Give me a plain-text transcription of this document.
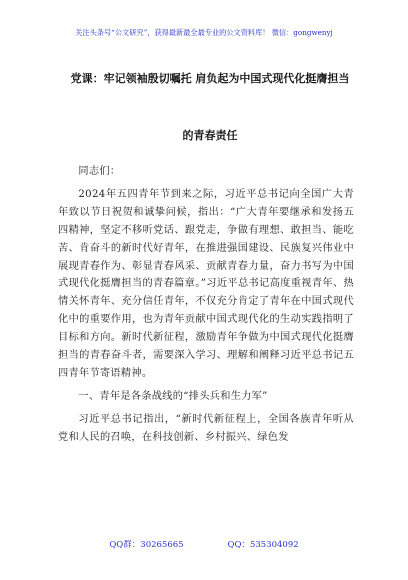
关注头条号“公文研究”，获得最新最全最专业的公文资料库！ 微信：gongwenyj
党课：牢记领袖殷切嘱托 肩负起为中国式现代化挺膺担当
的青春责任

同志们：

2024年五四青年节到来之际，习近平总书记向全国广大青年致以节日祝贺和诚挚问候，指出：“广大青年要继承和发扬五四精神，坚定不移听党话、跟党走，争做有理想、敢担当、能吃苦、肯奋斗的新时代好青年，在推进强国建设、民族复兴伟业中展现青春作为、彰显青春风采、贡献青春力量，奋力书写为中国式现代化挺膺担当的青春篇章。”习近平总书记高度重视青年、热情关怀青年、充分信任青年，不仅充分肯定了青年在中国式现代化中的重要作用，也为青年贡献中国式现代化的生动实践指明了目标和方向。新时代新征程，激励青年争做为中国式现代化挺膺担当的青春奋斗者，需要深入学习、理解和阐释习近平总书记五四青年节寄语精神。

一、青年是各条战线的“排头兵和生力军”

习近平总书记指出，“新时代新征程上，全国各族青年听从党和人民的召唤，在科技创新、乡村振兴、绿色发

QQ群：30265665	QQ：535304092
